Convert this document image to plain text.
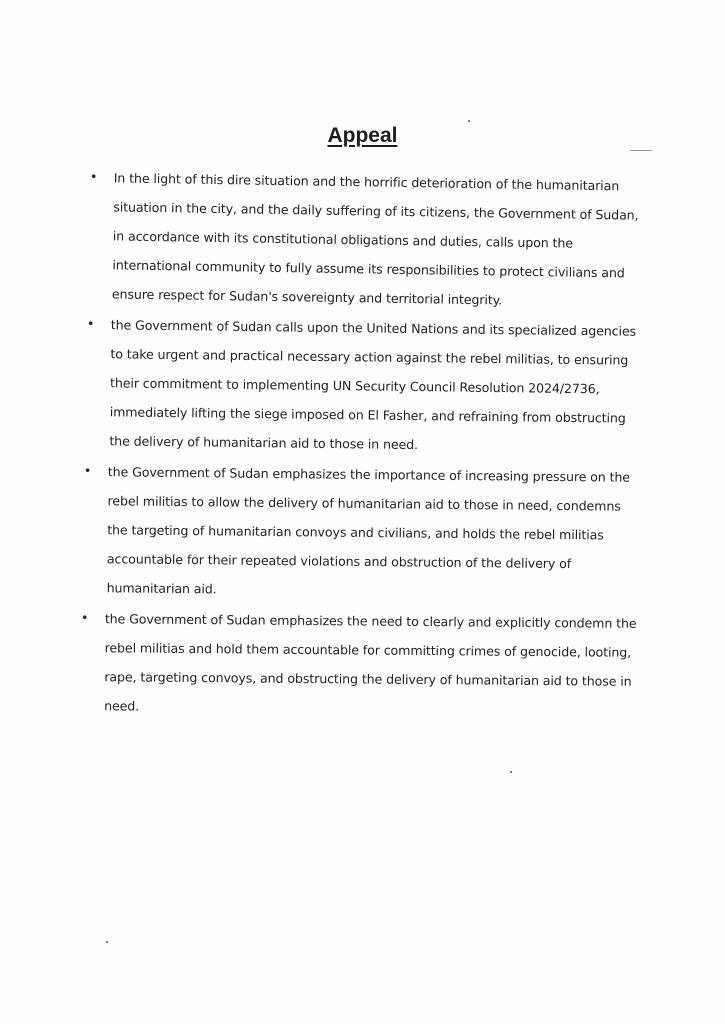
Appeal
• In the light of this dire situation and the horrific deterioration of the humanitarian situation in the city, and the daily suffering of its citizens, the Government of Sudan, in accordance with its constitutional obligations and duties, calls upon the international community to fully assume its responsibilities to protect civilians and ensure respect for Sudan's sovereignty and territorial integrity.
• the Government of Sudan calls upon the United Nations and its specialized agencies to take urgent and practical necessary action against the rebel militias, to ensuring their commitment to implementing UN Security Council Resolution 2024/2736, immediately lifting the siege imposed on El Fasher, and refraining from obstructing the delivery of humanitarian aid to those in need.
• the Government of Sudan emphasizes the importance of increasing pressure on the rebel militias to allow the delivery of humanitarian aid to those in need, condemns the targeting of humanitarian convoys and civilians, and holds the rebel militias accountable for their repeated violations and obstruction of the delivery of humanitarian aid.
• the Government of Sudan emphasizes the need to clearly and explicitly condemn the rebel militias and hold them accountable for committing crimes of genocide, looting, rape, targeting convoys, and obstructing the delivery of humanitarian aid to those in need.
